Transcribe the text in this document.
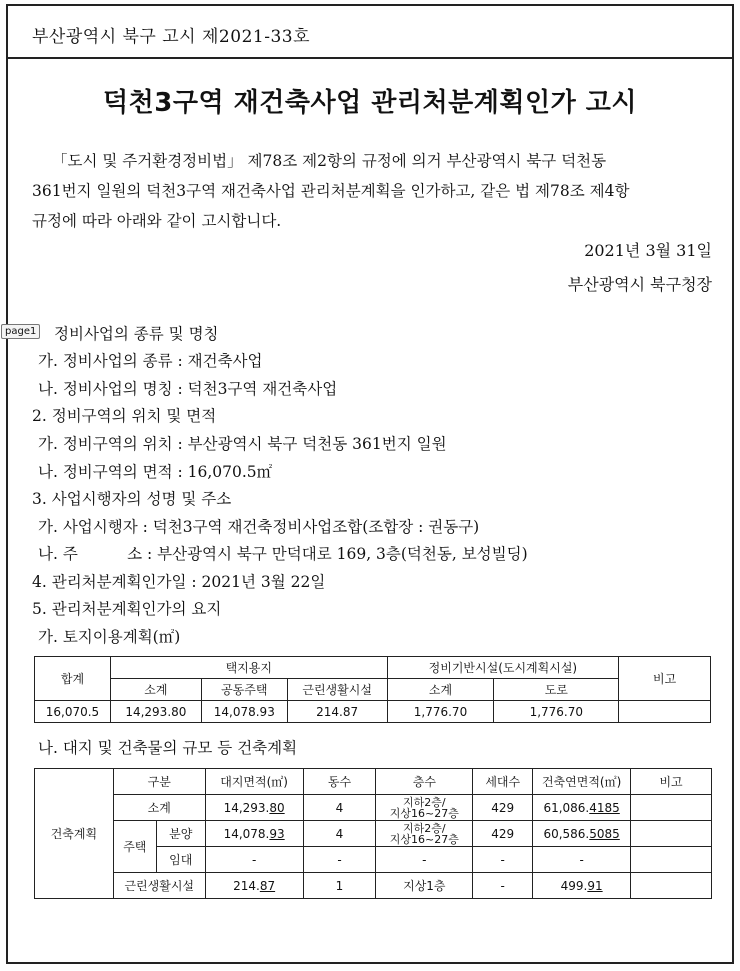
부산광역시 북구 고시 제2021-33호
덕천3구역 재건축사업 관리처분계획인가 고시
「도시 및 주거환경정비법」 제78조 제2항의 규정에 의거 부산광역시 북구 덕천동
361번지 일원의 덕천3구역 재건축사업 관리처분계획을 인가하고, 같은 법 제78조 제4항
규정에 따라 아래와 같이 고시합니다.
2021년 3월 31일
부산광역시 북구청장
page1 정비사업의 종류 및 명칭
가. 정비사업의 종류 : 재건축사업
나. 정비사업의 명칭 : 덕천3구역 재건축사업
2. 정비구역의 위치 및 면적
가. 정비구역의 위치 : 부산광역시 북구 덕천동 361번지 일원
나. 정비구역의 면적 : 16,070.5㎡
3. 사업시행자의 성명 및 주소
가. 사업시행자 : 덕천3구역 재건축정비사업조합(조합장 : 권동구)
나. 주          소 : 부산광역시 북구 만덕대로 169, 3층(덕천동, 보성빌딩)
4. 관리처분계획인가일 : 2021년 3월 22일
5. 관리처분계획인가의 요지
가. 토지이용계획(㎡)
합계	택지용지			정비기반시설(도시계획시설)		비고
	소계	공동주택	근린생활시설	소계	도로	
16,070.5	14,293.80	14,078.93	214.87	1,776.70	1,776.70	
나. 대지 및 건축물의 규모 등 건축계획
건축계획	구분		대지면적(㎡)	동수	층수	세대수	건축연면적(㎡)	비고
	소계		14,293.80	4	지하2층/
지상16~27층	429	61,086.4185	
	주택	분양	14,078.93	4	지하2층/
지상16~27층	429	60,586.5085	
		임대	-	-	-	-	-	
	근린생활시설		214.87	1	지상1층	-	499.91	
